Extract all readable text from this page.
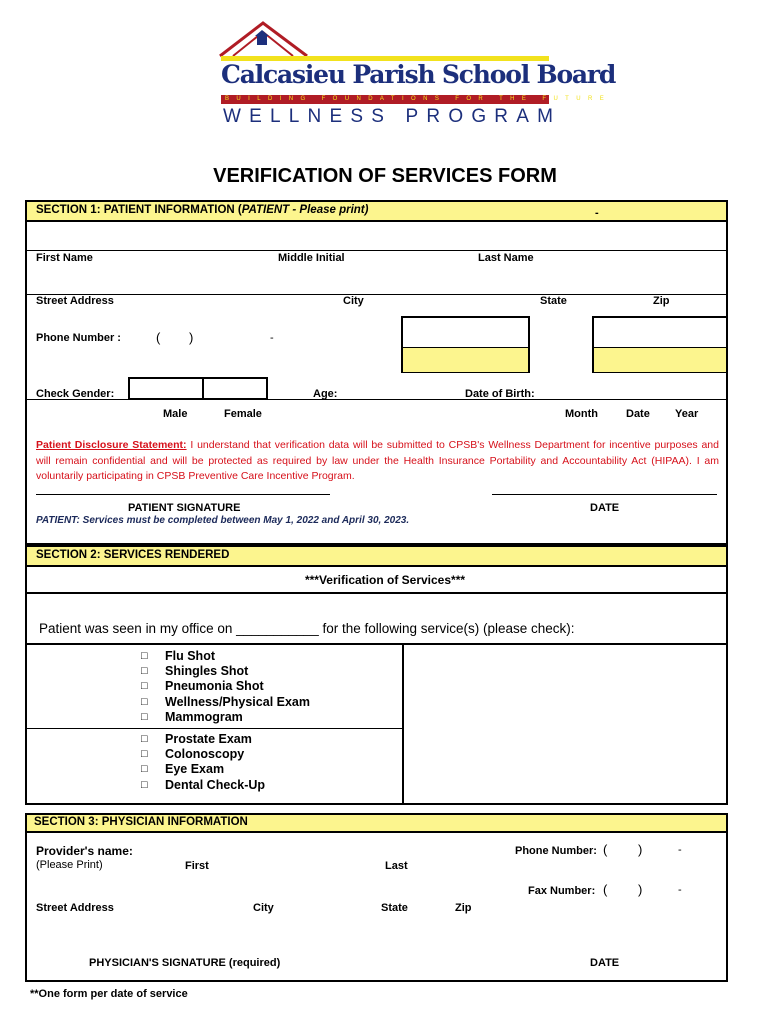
Calcasieu Parish School Board
BUILDING FOUNDATIONS FOR THE FUTURE
WELLNESS PROGRAM
VERIFICATION OF SERVICES FORM
SECTION 1: PATIENT INFORMATION (PATIENT - Please print)	-
First Name	Middle Initial	Last Name
Street Address	City	State	Zip
Phone Number :	( )	-
Check Gender:	Age:	Date of Birth:
Male	Female	Month	Date Year
Patient Disclosure Statement: I understand that verification data will be submitted to CPSB's Wellness Department for incentive purposes and will remain confidential and will be protected as required by law under the Health Insurance Portability and Accountability Act (HIPAA). I am voluntarily participating in CPSB Preventive Care Incentive Program.
PATIENT SIGNATURE	DATE
PATIENT: Services must be completed between May 1, 2022 and April 30, 2023.
SECTION 2: SERVICES RENDERED
***Verification of Services***
Patient was seen in my office on ___________ for the following service(s) (please check):
□ Flu Shot
□ Shingles Shot
□ Pneumonia Shot
□ Wellness/Physical Exam
□ Mammogram
□ Prostate Exam
□ Colonoscopy
□ Eye Exam
□ Dental Check-Up
SECTION 3: PHYSICIAN INFORMATION
Provider's name:
(Please Print)	First	Last
Phone Number: ( )	-
Fax Number: ( )	-
Street Address	City	State	Zip
PHYSICIAN'S SIGNATURE (required)	DATE
**One form per date of service
